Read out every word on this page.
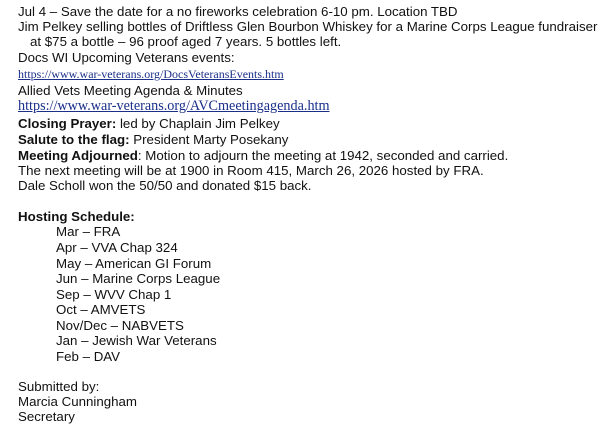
Jul 4 – Save the date for a no fireworks celebration 6-10 pm. Location TBD
Jim Pelkey selling bottles of Driftless Glen Bourbon Whiskey for a Marine Corps League fundraiser
at $75 a bottle – 96 proof aged 7 years. 5 bottles left.
Docs WI Upcoming Veterans events:
https://www.war-veterans.org/DocsVeteransEvents.htm
Allied Vets Meeting Agenda & Minutes
https://www.war-veterans.org/AVCmeetingagenda.htm
Closing Prayer: led by Chaplain Jim Pelkey
Salute to the flag: President Marty Posekany
Meeting Adjourned: Motion to adjourn the meeting at 1942, seconded and carried.
The next meeting will be at 1900 in Room 415, March 26, 2026 hosted by FRA.
Dale Scholl won the 50/50 and donated $15 back.
Hosting Schedule:
Mar – FRA
Apr – VVA Chap 324
May – American GI Forum
Jun – Marine Corps League
Sep – WVV Chap 1
Oct – AMVETS
Nov/Dec – NABVETS
Jan – Jewish War Veterans
Feb – DAV
Submitted by:
Marcia Cunningham
Secretary
